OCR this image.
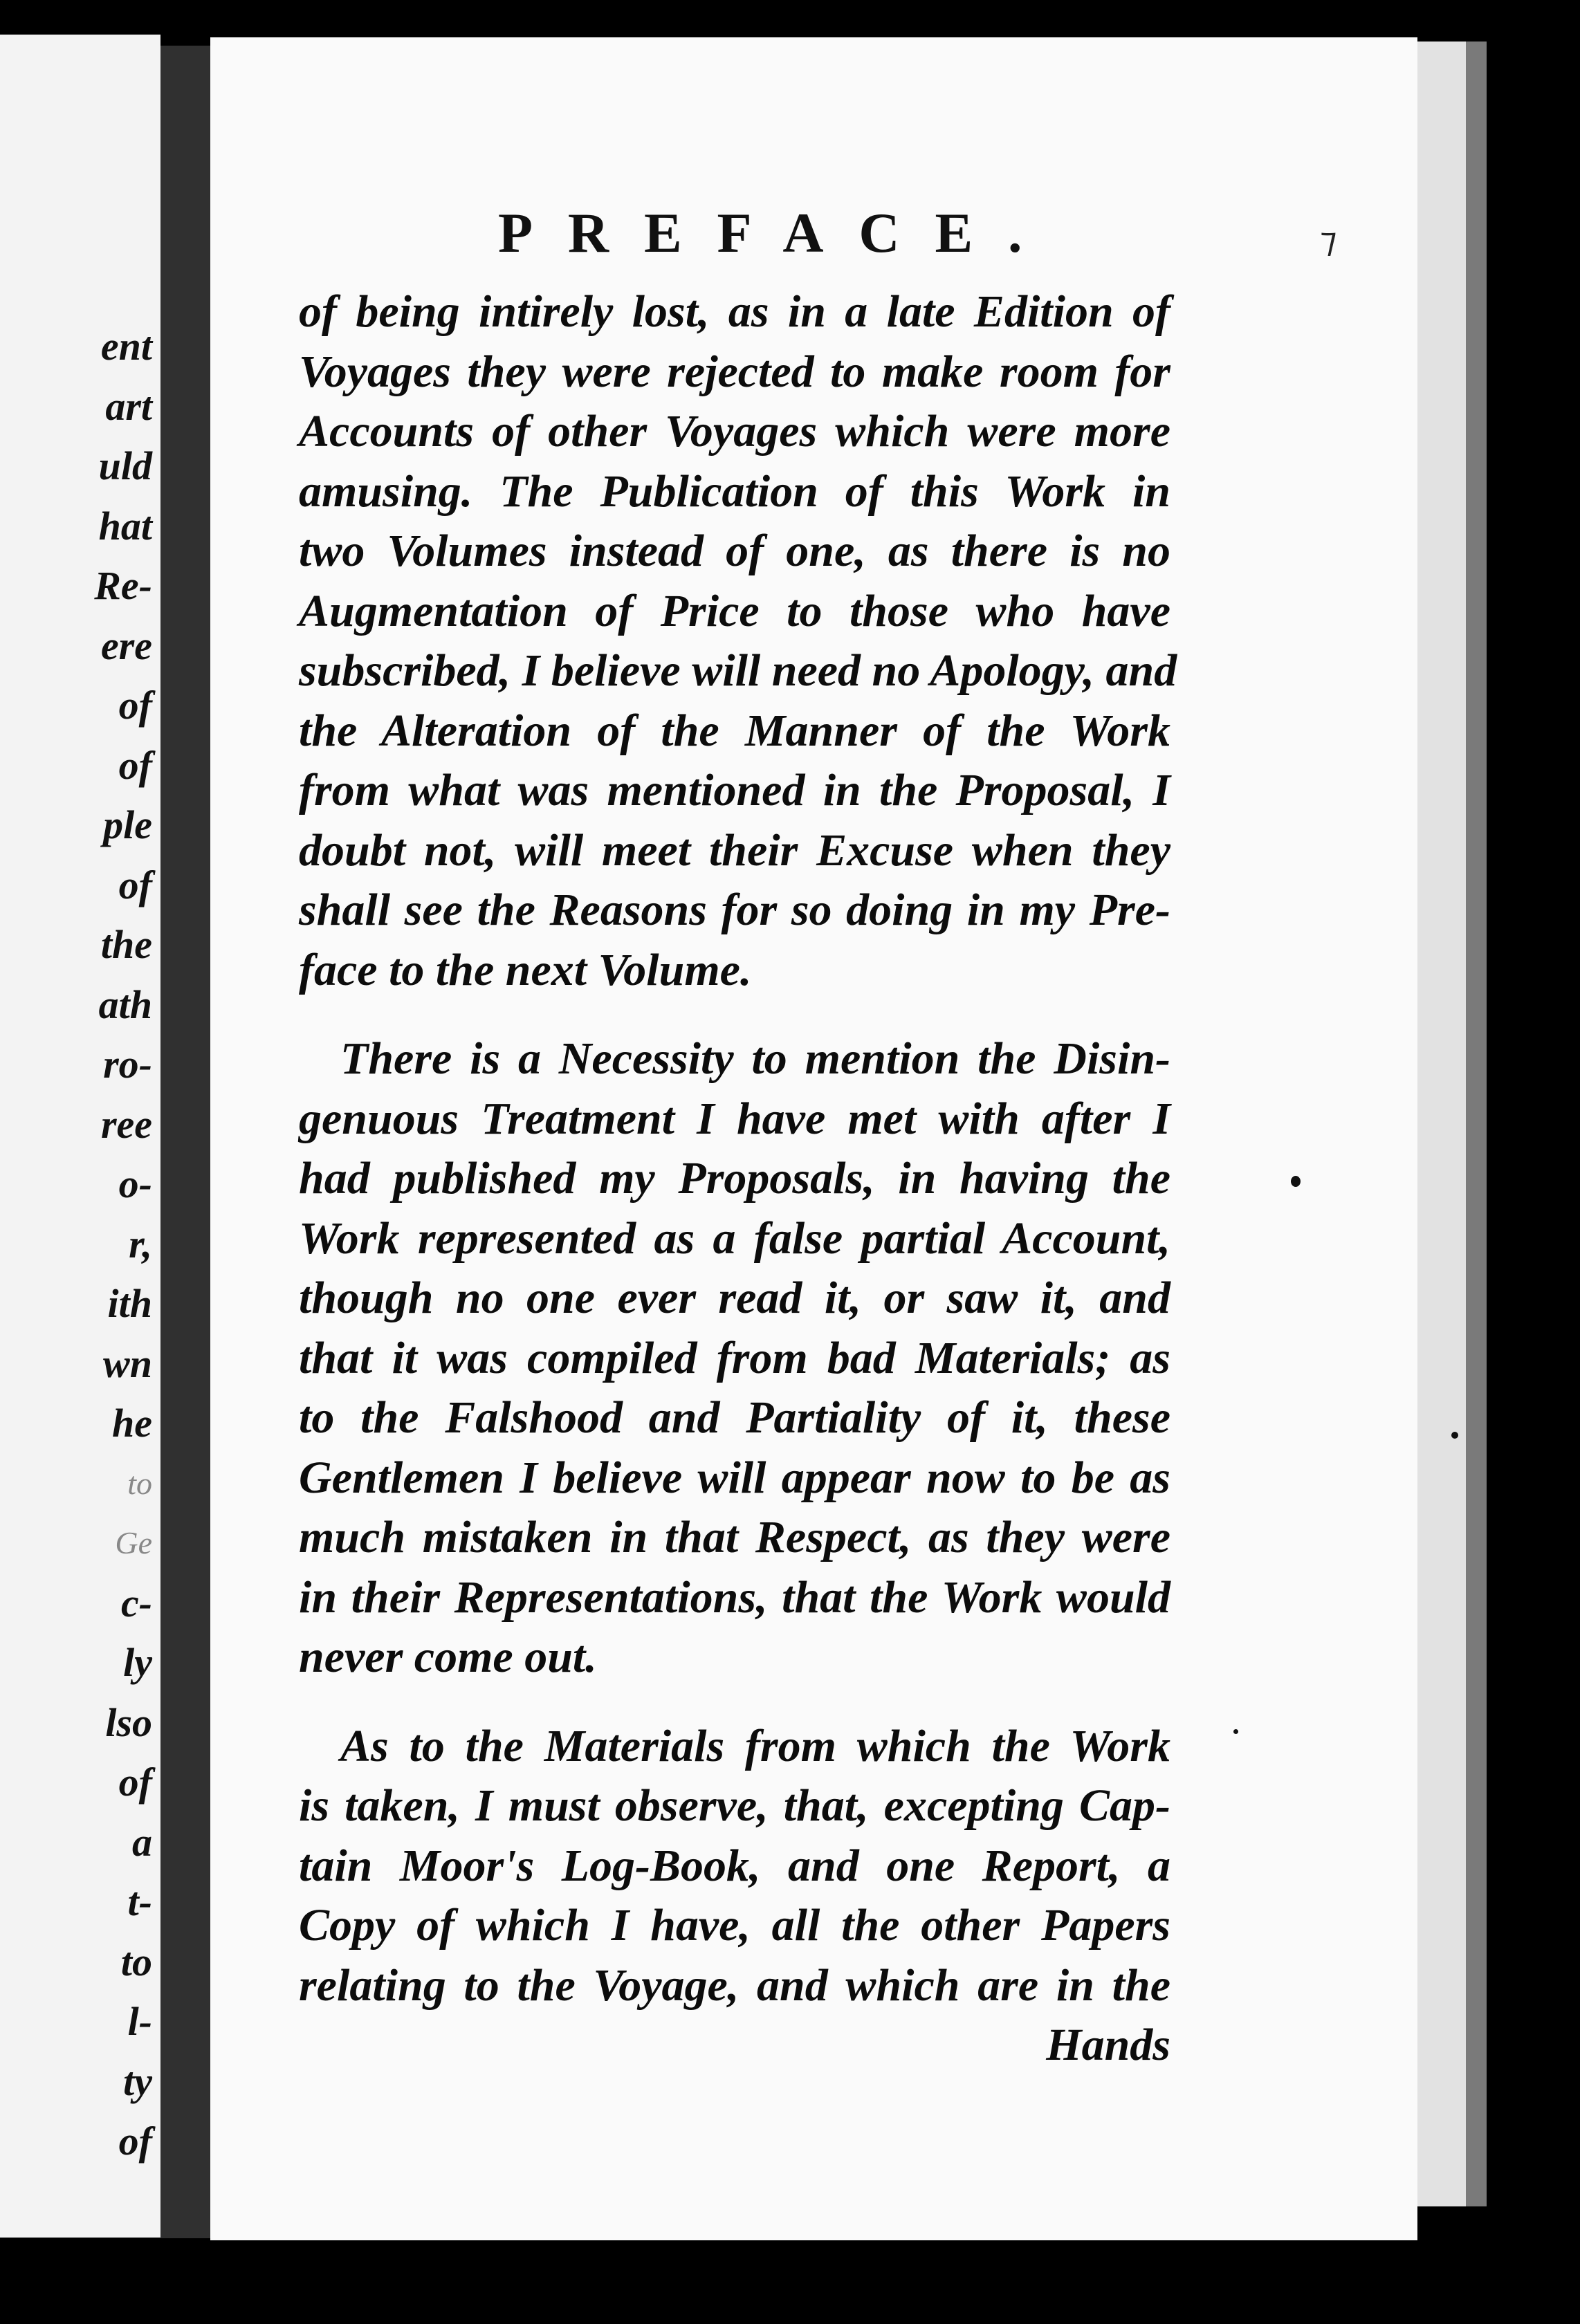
ent
art
uld
hat
Re-
ere
of
of
ple
of
the
ath
ro-
ree
o-
r,
ith
wn
he
to
Ge
c-
ly
lso
of
a
t-
to
l-
ty
of
PREFACE.	⁊
of being intirely lost, as in a late Edition of
Voyages they were rejected to make room for
Accounts of other Voyages which were more
amusing. The Publication of this Work in
two Volumes instead of one, as there is no
Augmentation of Price to those who have
subscribed, I believe will need no Apology, and
the Alteration of the Manner of the Work
from what was mentioned in the Proposal, I
doubt not, will meet their Excuse when they
shall see the Reasons for so doing in my Pre-
face to the next Volume.
There is a Necessity to mention the Disin-
genuous Treatment I have met with after I
had published my Proposals, in having the
Work represented as a false partial Account,
though no one ever read it, or saw it, and
that it was compiled from bad Materials; as
to the Falshood and Partiality of it, these
Gentlemen I believe will appear now to be as
much mistaken in that Respect, as they were
in their Representations, that the Work would
never come out.
As to the Materials from which the Work
is taken, I must observe, that, excepting Cap-
tain Moor's Log-Book, and one Report, a
Copy of which I have, all the other Papers
relating to the Voyage, and which are in the
Hands
